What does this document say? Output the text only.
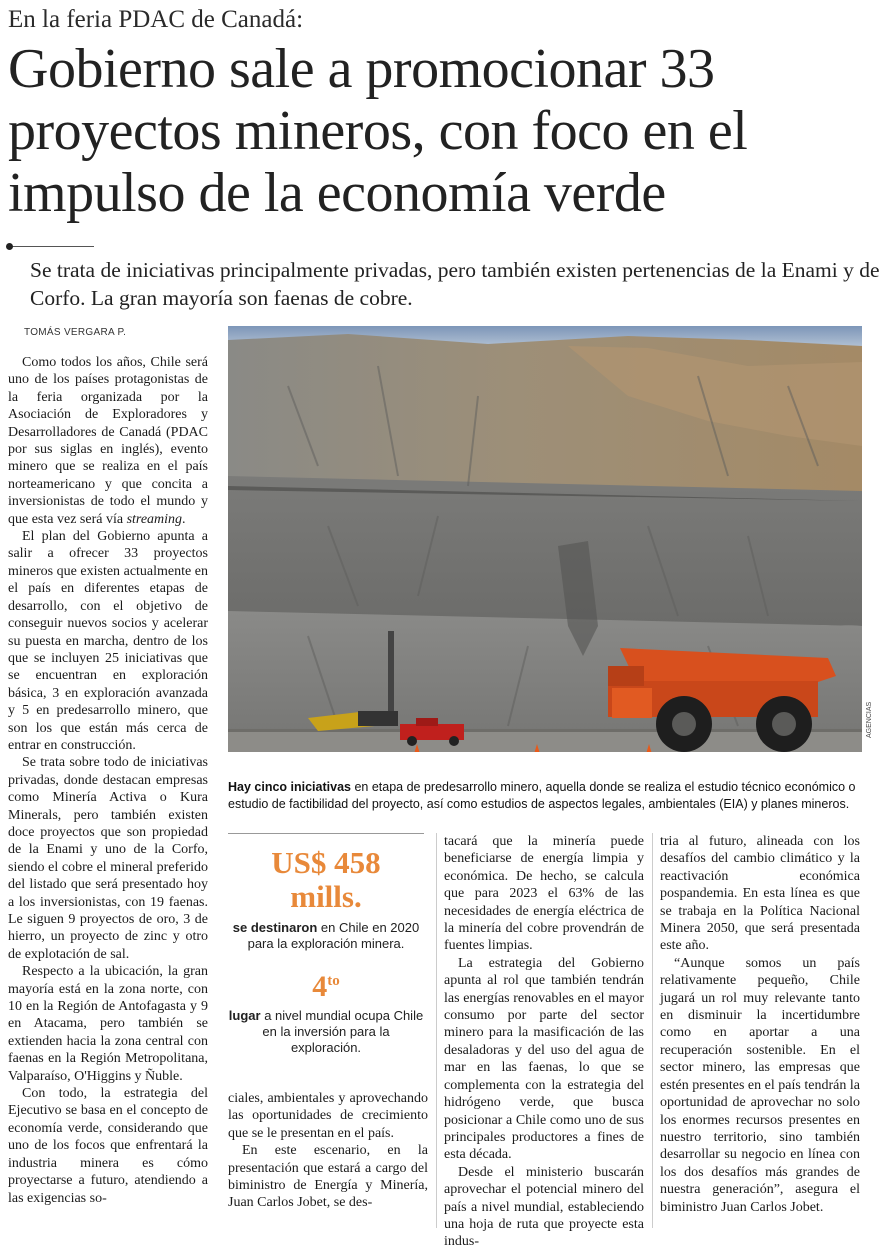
En la feria PDAC de Canadá:
Gobierno sale a promocionar 33
proyectos mineros, con foco en el
impulso de la economía verde
Se trata de iniciativas principalmente privadas, pero también existen pertenencias de la Enami y de Corfo. La gran mayoría son faenas de cobre.
TOMÁS VERGARA P.

Como todos los años, Chile será uno de los países protagonistas de la feria organizada por la Asociación de Exploradores y Desarrolladores de Canadá (PDAC por sus siglas en inglés), evento minero que se realiza en el país norteamericano y que concita a inversionistas de todo el mundo y que esta vez será vía streaming.

El plan del Gobierno apunta a salir a ofrecer 33 proyectos mineros que existen actualmente en el país en diferentes etapas de desarrollo, con el objetivo de conseguir nuevos socios y acelerar su puesta en marcha, dentro de los que se incluyen 25 iniciativas que se encuentran en exploración básica, 3 en exploración avanzada y 5 en predesarrollo minero, que son los que están más cerca de entrar en construcción.

Se trata sobre todo de iniciativas privadas, donde destacan empresas como Minería Activa o Kura Minerals, pero también existen doce proyectos que son propiedad de la Enami y uno de la Corfo, siendo el cobre el mineral preferido del listado que será presentado hoy a los inversionistas, con 19 faenas. Le siguen 9 proyectos de oro, 3 de hierro, un proyecto de zinc y otro de explotación de sal.

Respecto a la ubicación, la gran mayoría está en la zona norte, con 10 en la Región de Antofagasta y 9 en Atacama, pero también se extienden hacia la zona central con faenas en la Región Metropolitana, Valparaíso, O'Higgins y Ñuble.

Con todo, la estrategia del Ejecutivo se basa en el concepto de economía verde, considerando que uno de los focos que enfrentará la industria minera es cómo proyectarse a futuro, atendiendo a las exigencias so-

AGENCIAS
Hay cinco iniciativas en etapa de predesarrollo minero, aquella donde se realiza el estudio técnico económico o estudio de factibilidad del proyecto, así como estudios de aspectos legales, ambientales (EIA) y planes mineros.
US$ 458
mills.
se destinaron en Chile en 2020 para la exploración minera.
$4^{to}$
lugar a nivel mundial ocupa Chile en la inversión para la exploración.

ciales, ambientales y aprovechando las oportunidades de crecimiento que se le presentan en el país.

En este escenario, en la presentación que estará a cargo del biministro de Energía y Minería, Juan Carlos Jobet, se des-

tacará que la minería puede beneficiarse de energía limpia y económica. De hecho, se calcula que para 2023 el 63% de las necesidades de energía eléctrica de la minería del cobre provendrán de fuentes limpias.

La estrategia del Gobierno apunta al rol que también tendrán las energías renovables en el mayor consumo por parte del sector minero para la masificación de las desaladoras y del uso del agua de mar en las faenas, lo que se complementa con la estrategia del hidrógeno verde, que busca posicionar a Chile como uno de sus principales productores a fines de esta década.

Desde el ministerio buscarán aprovechar el potencial minero del país a nivel mundial, estableciendo una hoja de ruta que proyecte esta indus-

tria al futuro, alineada con los desafíos del cambio climático y la reactivación económica pospandemia. En esta línea es que se trabaja en la Política Nacional Minera 2050, que será presentada este año.

“Aunque somos un país relativamente pequeño, Chile jugará un rol muy relevante tanto en disminuir la incertidumbre como en aportar a una recuperación sostenible. En el sector minero, las empresas que estén presentes en el país tendrán la oportunidad de aprovechar no solo los enormes recursos presentes en nuestro territorio, sino también desarrollar su negocio en línea con los dos desafíos más grandes de nuestra generación”, asegura el biministro Juan Carlos Jobet.
